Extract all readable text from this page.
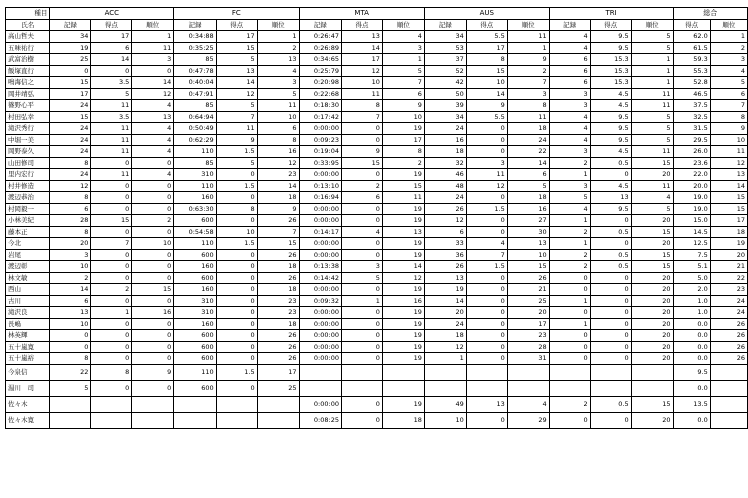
種目	ACC			FC			MTA			AUS			TRI			総合	
氏名	記録	得点	順位	記録	得点	順位	記録	得点	順位	記録	得点	順位	記録	得点	順位	得点	順位
高山哲夫	34	17	1	0:34:88	17	1	0:26:47	13	4	34	5.5	11	4	9.5	5	62.0	1
五味祐行	19	6	11	0:35:25	15	2	0:26:89	14	3	53	17	1	4	9.5	5	61.5	2
武富治樹	25	14	3	85	5	13	0:34:65	17	1	37	8	9	6	15.3	1	59.3	3
飯塚直行	0	0	0	0:47:78	13	4	0:25:79	12	5	52	15	2	6	15.3	1	55.3	4
鳴海信之	15	3.5	14	0:40:04	14	3	0:20:98	10	7	42	10	7	6	15.3	1	52.8	5
岡井靖弘	17	5	12	0:47:91	12	5	0:22:68	11	6	50	14	3	3	4.5	11	46.5	6
篠野心平	24	11	4	85	5	11	0:18:30	8	9	39	9	8	3	4.5	11	37.5	7
村田弘幸	15	3.5	13	0:64:94	7	10	0:17:42	7	10	34	5.5	11	4	9.5	5	32.5	8
滝沢秀行	24	11	4	0:50:49	11	6	0:00:00	0	19	24	0	18	4	9.5	5	31.5	9
中堀一美	24	11	4	0:62:29	9	8	0:09:23	0	17	16	0	24	4	9.5	5	29.5	10
岡野泰久	24	11	4	110	1.5	16	0:19:04	9	8	18	0	22	3	4.5	11	26.0	11
山田修司	8	0	0	85	5	12	0:33:95	15	2	32	3	14	2	0.5	15	23.6	12
里内宏行	24	11	4	310	0	23	0:00:00	0	19	46	11	6	1	0	20	22.0	13
村井修造	12	0	0	110	1.5	14	0:13:10	2	15	48	12	5	3	4.5	11	20.0	14
渡辺恭治	8	0	0	160	0	18	0:16:94	6	11	24	0	18	5	13	4	19.0	15
村岡毅一	6	0	0	0:63:30	8	9	0:00:00	0	19	26	1.5	16	4	9.5	5	19.0	15
小林美紀	28	15	2	600	0	26	0:00:00	0	19	12	0	27	1	0	20	15.0	17
藤本正	8	0	0	0:54:58	10	7	0:14:17	4	13	6	0	30	2	0.5	15	14.5	18
今北	20	7	10	110	1.5	15	0:00:00	0	19	33	4	13	1	0	20	12.5	19
岩尾	3	0	0	600	0	26	0:00:00	0	19	36	7	10	2	0.5	15	7.5	20
渡辺彰	10	0	0	160	0	18	0:13:38	3	14	26	1.5	15	2	0.5	15	5.1	21
林文敏	2	0	0	600	0	26	0:14:42	5	12	13	0	26	0	0	20	5.0	22
西山	14	2	15	160	0	18	0:00:00	0	19	19	0	21	0	0	20	2.0	23
古川	6	0	0	310	0	23	0:09:32	1	16	14	0	25	1	0	20	1.0	24
滝沢良	13	1	16	310	0	23	0:00:00	0	19	20	0	20	0	0	20	1.0	24
長嶋	10	0	0	160	0	18	0:00:00	0	19	24	0	17	1	0	20	0.0	26
林英輝	0	0	0	600	0	26	0:00:00	0	19	18	0	23	0	0	20	0.0	26
五十嵐寛	0	0	0	600	0	26	0:00:00	0	19	12	0	28	0	0	20	0.0	26
五十嵐裕	8	0	0	600	0	26	0:00:00	0	19	1	0	31	0	0	20	0.0	26
今泉信	22	8	9	110	1.5	17										9.5	
湯川　司	5	0	0	600	0	25										0.0	
佐々木							0:00:00	0	19	49	13	4	2	0.5	15	13.5	
佐々木寛							0:08:25	0	18	10	0	29	0	0	20	0.0	
